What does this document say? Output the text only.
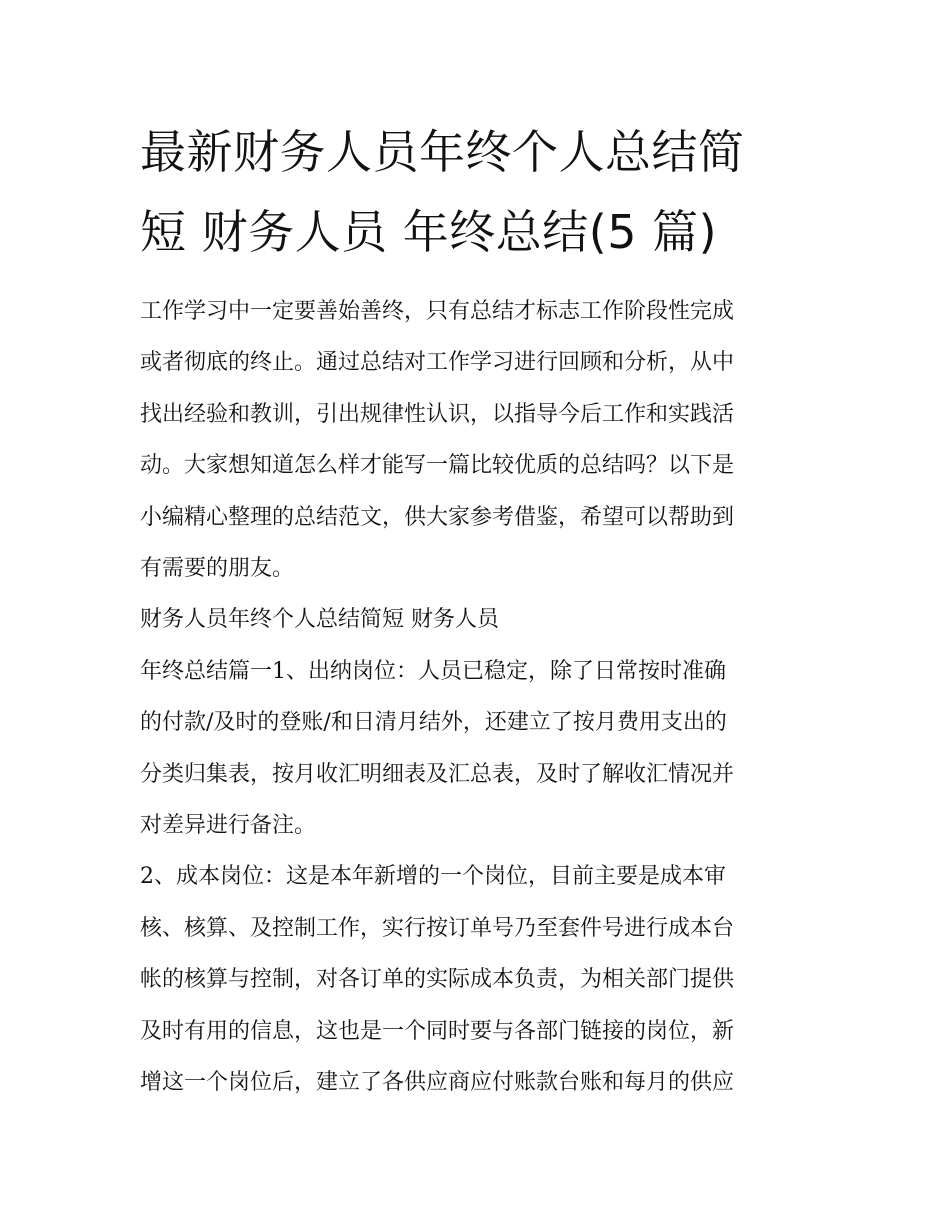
最新财务人员年终个人总结简
短 财务人员 年终总结(5 篇)

工作学习中一定要善始善终，只有总结才标志工作阶段性完成
或者彻底的终止。通过总结对工作学习进行回顾和分析，从中
找出经验和教训，引出规律性认识，以指导今后工作和实践活
动。大家想知道怎么样才能写一篇比较优质的总结吗？以下是
小编精心整理的总结范文，供大家参考借鉴，希望可以帮助到
有需要的朋友。

财务人员年终个人总结简短 财务人员

年终总结篇一1、出纳岗位：人员已稳定，除了日常按时准确
的付款/及时的登账/和日清月结外，还建立了按月费用支出的
分类归集表，按月收汇明细表及汇总表，及时了解收汇情况并
对差异进行备注。

2、成本岗位：这是本年新增的一个岗位，目前主要是成本审
核、核算、及控制工作，实行按订单号乃至套件号进行成本台
帐的核算与控制，对各订单的实际成本负责，为相关部门提供
及时有用的信息，这也是一个同时要与各部门链接的岗位，新
增这一个岗位后，建立了各供应商应付账款台账和每月的供应
